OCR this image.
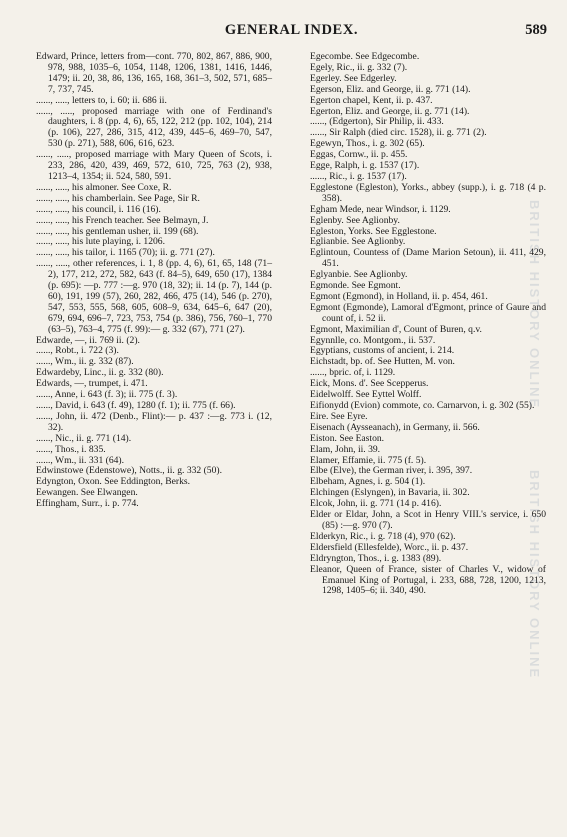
GENERAL INDEX.	589

Edward, Prince, letters from—cont. 770, 802, 867, 886, 900, 978, 988, 1035–6, 1054, 1148, 1206, 1381, 1416, 1446, 1479; ii. 20, 38, 86, 136, 165, 168, 361–3, 502, 571, 685–7, 737, 745.

......, ....., letters to, i. 60; ii. 686 ii.

......, ....., proposed marriage with one of Ferdinand's daughters, i. 8 (pp. 4, 6), 65, 122, 212 (pp. 102, 104), 214 (p. 106), 227, 286, 315, 412, 439, 445–6, 469–70, 547, 530 (p. 271), 588, 606, 616, 623.

......, ....., proposed marriage with Mary Queen of Scots, i. 233, 286, 420, 439, 469, 572, 610, 725, 763 (2), 938, 1213–4, 1354; ii. 524, 580, 591.

......, ....., his almoner. See Coxe, R.

......, ....., his chamberlain. See Page, Sir R.

......, ....., his council, i. 116 (16).

......, ....., his French teacher. See Belmayn, J.

......, ....., his gentleman usher, ii. 199 (68).

......, ....., his lute playing, i. 1206.

......, ....., his tailor, i. 1165 (70); ii. g. 771 (27).

......, ....., other references, i. 1, 8 (pp. 4, 6), 61, 65, 148 (71–2), 177, 212, 272, 582, 643 (f. 84–5), 649, 650 (17), 1384 (p. 695): —p. 777 :—g. 970 (18, 32); ii. 14 (p. 7), 144 (p. 60), 191, 199 (57), 260, 282, 466, 475 (14), 546 (p. 270), 547, 553, 555, 568, 605, 608–9, 634, 645–6, 647 (20), 679, 694, 696–7, 723, 753, 754 (p. 386), 756, 760–1, 770 (63–5), 763–4, 775 (f. 99):— g. 332 (67), 771 (27).

Edwarde, —, ii. 769 ii. (2).

......, Robt., i. 722 (3).

......, Wm., ii. g. 332 (87).

Edwardeby, Linc., ii. g. 332 (80).

Edwards, —, trumpet, i. 471.

......, Anne, i. 643 (f. 3); ii. 775 (f. 3).

......, David, i. 643 (f. 49), 1280 (f. 1); ii. 775 (f. 66).

......, John, ii. 472 (Denb., Flint):— p. 437 :—g. 773 i. (12, 32).

......, Nic., ii. g. 771 (14).

......, Thos., i. 835.

......, Wm., ii. 331 (64).

Edwinstowe (Edenstowe), Notts., ii. g. 332 (50).

Edyngton, Oxon. See Eddington, Berks.

Eewangen. See Elwangen.

Effingham, Surr., i. p. 774.

Egecombe. See Edgecombe.

Egely, Ric., ii. g. 332 (7).

Egerley. See Edgerley.

Egerson, Eliz. and George, ii. g. 771 (14).

Egerton chapel, Kent, ii. p. 437.

Egerton, Eliz. and George, ii. g. 771 (14).

......, (Edgerton), Sir Philip, ii. 433.

......, Sir Ralph (died circ. 1528), ii. g. 771 (2).

Egewyn, Thos., i. g. 302 (65).

Eggas, Cornw., ii. p. 455.

Egge, Ralph, i. g. 1537 (17).

......, Ric., i. g. 1537 (17).

Egglestone (Egleston), Yorks., abbey (supp.), i. g. 718 (4 p. 358).

Egham Mede, near Windsor, i. 1129.

Eglenby. See Aglionby.

Egleston, Yorks. See Egglestone.

Eglianbie. See Aglionby.

Eglintoun, Countess of (Dame Marion Setoun), ii. 411, 429, 451.

Eglyanbie. See Aglionby.

Egmonde. See Egmont.

Egmont (Egmond), in Holland, ii. p. 454, 461.

Egmont (Egmonde), Lamoral d'Egmont, prince of Gaure and count of, i. 52 ii.

Egmont, Maximilian d', Count of Buren, q.v.

Egynnlle, co. Montgom., ii. 537.

Egyptians, customs of ancient, i. 214.

Eichstadt, bp. of. See Hutten, M. von.

......, bpric. of, i. 1129.

Eick, Mons. d'. See Scepperus.

Eidelwolff. See Eyttel Wolff.

Eifionydd (Evion) commote, co. Carnarvon, i. g. 302 (55).

Eire. See Eyre.

Eisenach (Aysseanach), in Germany, ii. 566.

Eiston. See Easton.

Elam, John, ii. 39.

Elamer, Effamie, ii. 775 (f. 5).

Elbe (Elve), the German river, i. 395, 397.

Elbeham, Agnes, i. g. 504 (1).

Elchingen (Eslyngen), in Bavaria, ii. 302.

Elcok, John, ii. g. 771 (14 p. 416).

Elder or Eldar, John, a Scot in Henry VIII.'s service, i. 650 (85) :—g. 970 (7).

Elderkyn, Ric., i. g. 718 (4), 970 (62).

Eldersfield (Ellesfelde), Worc., ii. p. 437.

Eldryngton, Thos., i. g. 1383 (89).

Eleanor, Queen of France, sister of Charles V., widow of Emanuel King of Portugal, i. 233, 688, 728, 1200, 1213, 1298, 1405–6; ii. 340, 490.

BRITISH HISTORY ONLINE
BRITISH HISTORY ONLINE
